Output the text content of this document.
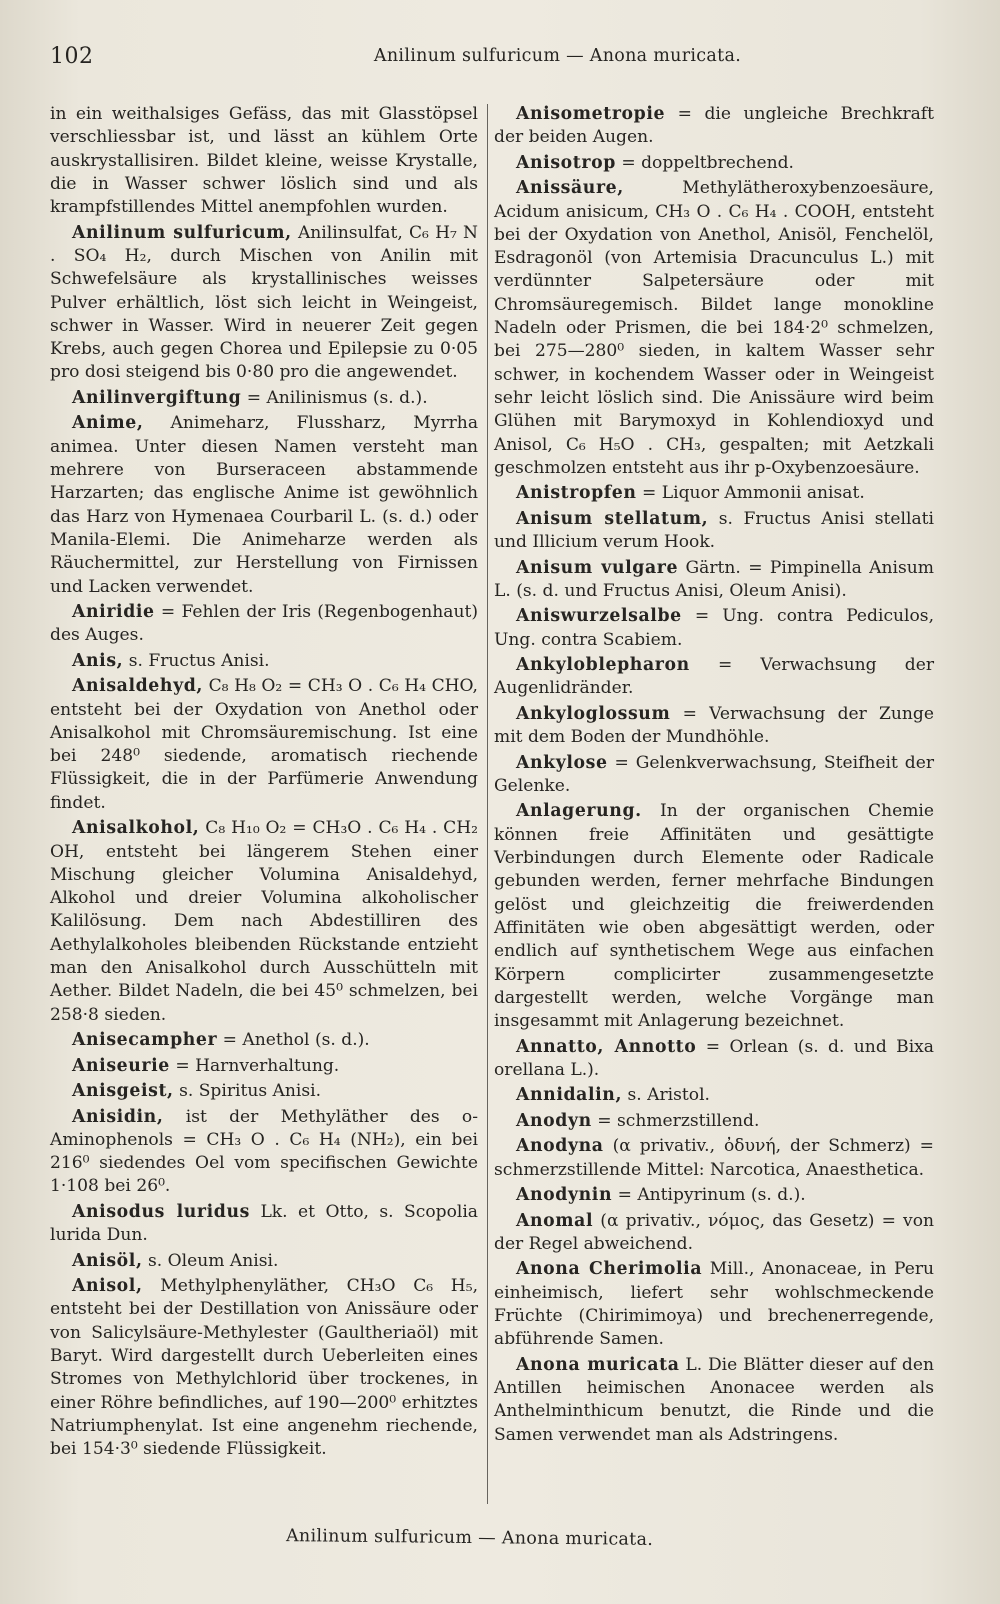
102	Anilinum sulfuricum — Anona muricata.

in ein weithalsiges Gefäss, das mit Glasstöpsel verschliessbar ist, und lässt an kühlem Orte auskrystallisiren. Bildet kleine, weisse Krystalle, die in Wasser schwer löslich sind und als krampfstillendes Mittel anempfohlen wurden.

Anilinum sulfuricum, Anilinsulfat, C₆ H₇ N . SO₄ H₂, durch Mischen von Anilin mit Schwefelsäure als krystallinisches weisses Pulver erhältlich, löst sich leicht in Weingeist, schwer in Wasser. Wird in neuerer Zeit gegen Krebs, auch gegen Chorea und Epilepsie zu 0·05 pro dosi steigend bis 0·80 pro die angewendet.

Anilinvergiftung = Anilinismus (s. d.).

Anime, Animeharz, Flussharz, Myrrha animea. Unter diesen Namen versteht man mehrere von Burseraceen abstammende Harzarten; das englische Anime ist gewöhnlich das Harz von Hymenaea Courbaril L. (s. d.) oder Manila-Elemi. Die Animeharze werden als Räuchermittel, zur Herstellung von Firnissen und Lacken verwendet.

Aniridie = Fehlen der Iris (Regenbogenhaut) des Auges.

Anis, s. Fructus Anisi.

Anisaldehyd, C₈ H₈ O₂ = CH₃ O . C₆ H₄ CHO, entsteht bei der Oxydation von Anethol oder Anisalkohol mit Chromsäuremischung. Ist eine bei 248⁰ siedende, aromatisch riechende Flüssigkeit, die in der Parfümerie Anwendung findet.

Anisalkohol, C₈ H₁₀ O₂ = CH₃O . C₆ H₄ . CH₂ OH, entsteht bei längerem Stehen einer Mischung gleicher Volumina Anisaldehyd, Alkohol und dreier Volumina alkoholischer Kalilösung. Dem nach Abdestilliren des Aethylalkoholes bleibenden Rückstande entzieht man den Anisalkohol durch Ausschütteln mit Aether. Bildet Nadeln, die bei 45⁰ schmelzen, bei 258·8 sieden.

Anisecampher = Anethol (s. d.).

Aniseurie = Harnverhaltung.

Anisgeist, s. Spiritus Anisi.

Anisidin, ist der Methyläther des o-Aminophenols = CH₃ O . C₆ H₄ (NH₂), ein bei 216⁰ siedendes Oel vom specifischen Gewichte 1·108 bei 26⁰.

Anisodus luridus Lk. et Otto, s. Scopolia lurida Dun.

Anisöl, s. Oleum Anisi.

Anisol, Methylphenyläther, CH₃O C₆ H₅, entsteht bei der Destillation von Anissäure oder von Salicylsäure-Methylester (Gaultheriaöl) mit Baryt. Wird dargestellt durch Ueberleiten eines Stromes von Methylchlorid über trockenes, in einer Röhre befindliches, auf 190—200⁰ erhitztes Natriumphenylat. Ist eine angenehm riechende, bei 154·3⁰ siedende Flüssigkeit.

Anisometropie = die ungleiche Brechkraft der beiden Augen.

Anisotrop = doppeltbrechend.

Anissäure,	Methylätheroxybenzoesäure, Acidum anisicum, CH₃ O . C₆ H₄ . COOH, entsteht bei der Oxydation von Anethol, Anisöl, Fenchelöl, Esdragonöl (von Artemisia Dracunculus L.) mit verdünnter Salpetersäure oder mit Chromsäuregemisch. Bildet lange monokline Nadeln oder Prismen, die bei 184·2⁰ schmelzen, bei 275—280⁰ sieden, in kaltem Wasser sehr schwer, in kochendem Wasser oder in Weingeist sehr leicht löslich sind. Die Anissäure wird beim Glühen mit Barymoxyd in Kohlendioxyd und Anisol, C₆ H₅O . CH₃, gespalten; mit Aetzkali geschmolzen entsteht aus ihr p-Oxybenzoesäure.

Anistropfen = Liquor Ammonii anisat.

Anisum stellatum, s. Fructus Anisi stellati und Illicium verum Hook.

Anisum vulgare Gärtn. = Pimpinella Anisum L. (s. d. und Fructus Anisi, Oleum Anisi).

Aniswurzelsalbe = Ung. contra Pediculos, Ung. contra Scabiem.

Ankyloblepharon = Verwachsung der Augenlidränder.

Ankyloglossum = Verwachsung der Zunge mit dem Boden der Mundhöhle.

Ankylose = Gelenkverwachsung, Steifheit der Gelenke.

Anlagerung. In der organischen Chemie können freie Affinitäten und gesättigte Verbindungen durch Elemente oder Radicale gebunden werden, ferner mehrfache Bindungen gelöst und gleichzeitig die freiwerdenden Affinitäten wie oben abgesättigt werden, oder endlich auf synthetischem Wege aus einfachen Körpern complicirter zusammengesetzte dargestellt werden, welche Vorgänge man insgesammt mit Anlagerung bezeichnet.

Annatto, Annotto = Orlean (s. d. und Bixa orellana L.).

Annidalin, s. Aristol.

Anodyn = schmerzstillend.

Anodyna (α privativ., ὀδυνή, der Schmerz) = schmerzstillende Mittel: Narcotica, Anaesthetica.

Anodynin = Antipyrinum (s. d.).

Anomal (α privativ., νόμος, das Gesetz) = von der Regel abweichend.

Anona Cherimolia Mill., Anonaceae, in Peru einheimisch, liefert sehr wohlschmeckende Früchte (Chirimimoya) und brechenerregende, abführende Samen.

Anona muricata L. Die Blätter dieser auf den Antillen heimischen Anonacee werden als Anthelminthicum benutzt, die Rinde und die Samen verwendet man als Adstringens.

Anilinum sulfuricum — Anona muricata.
